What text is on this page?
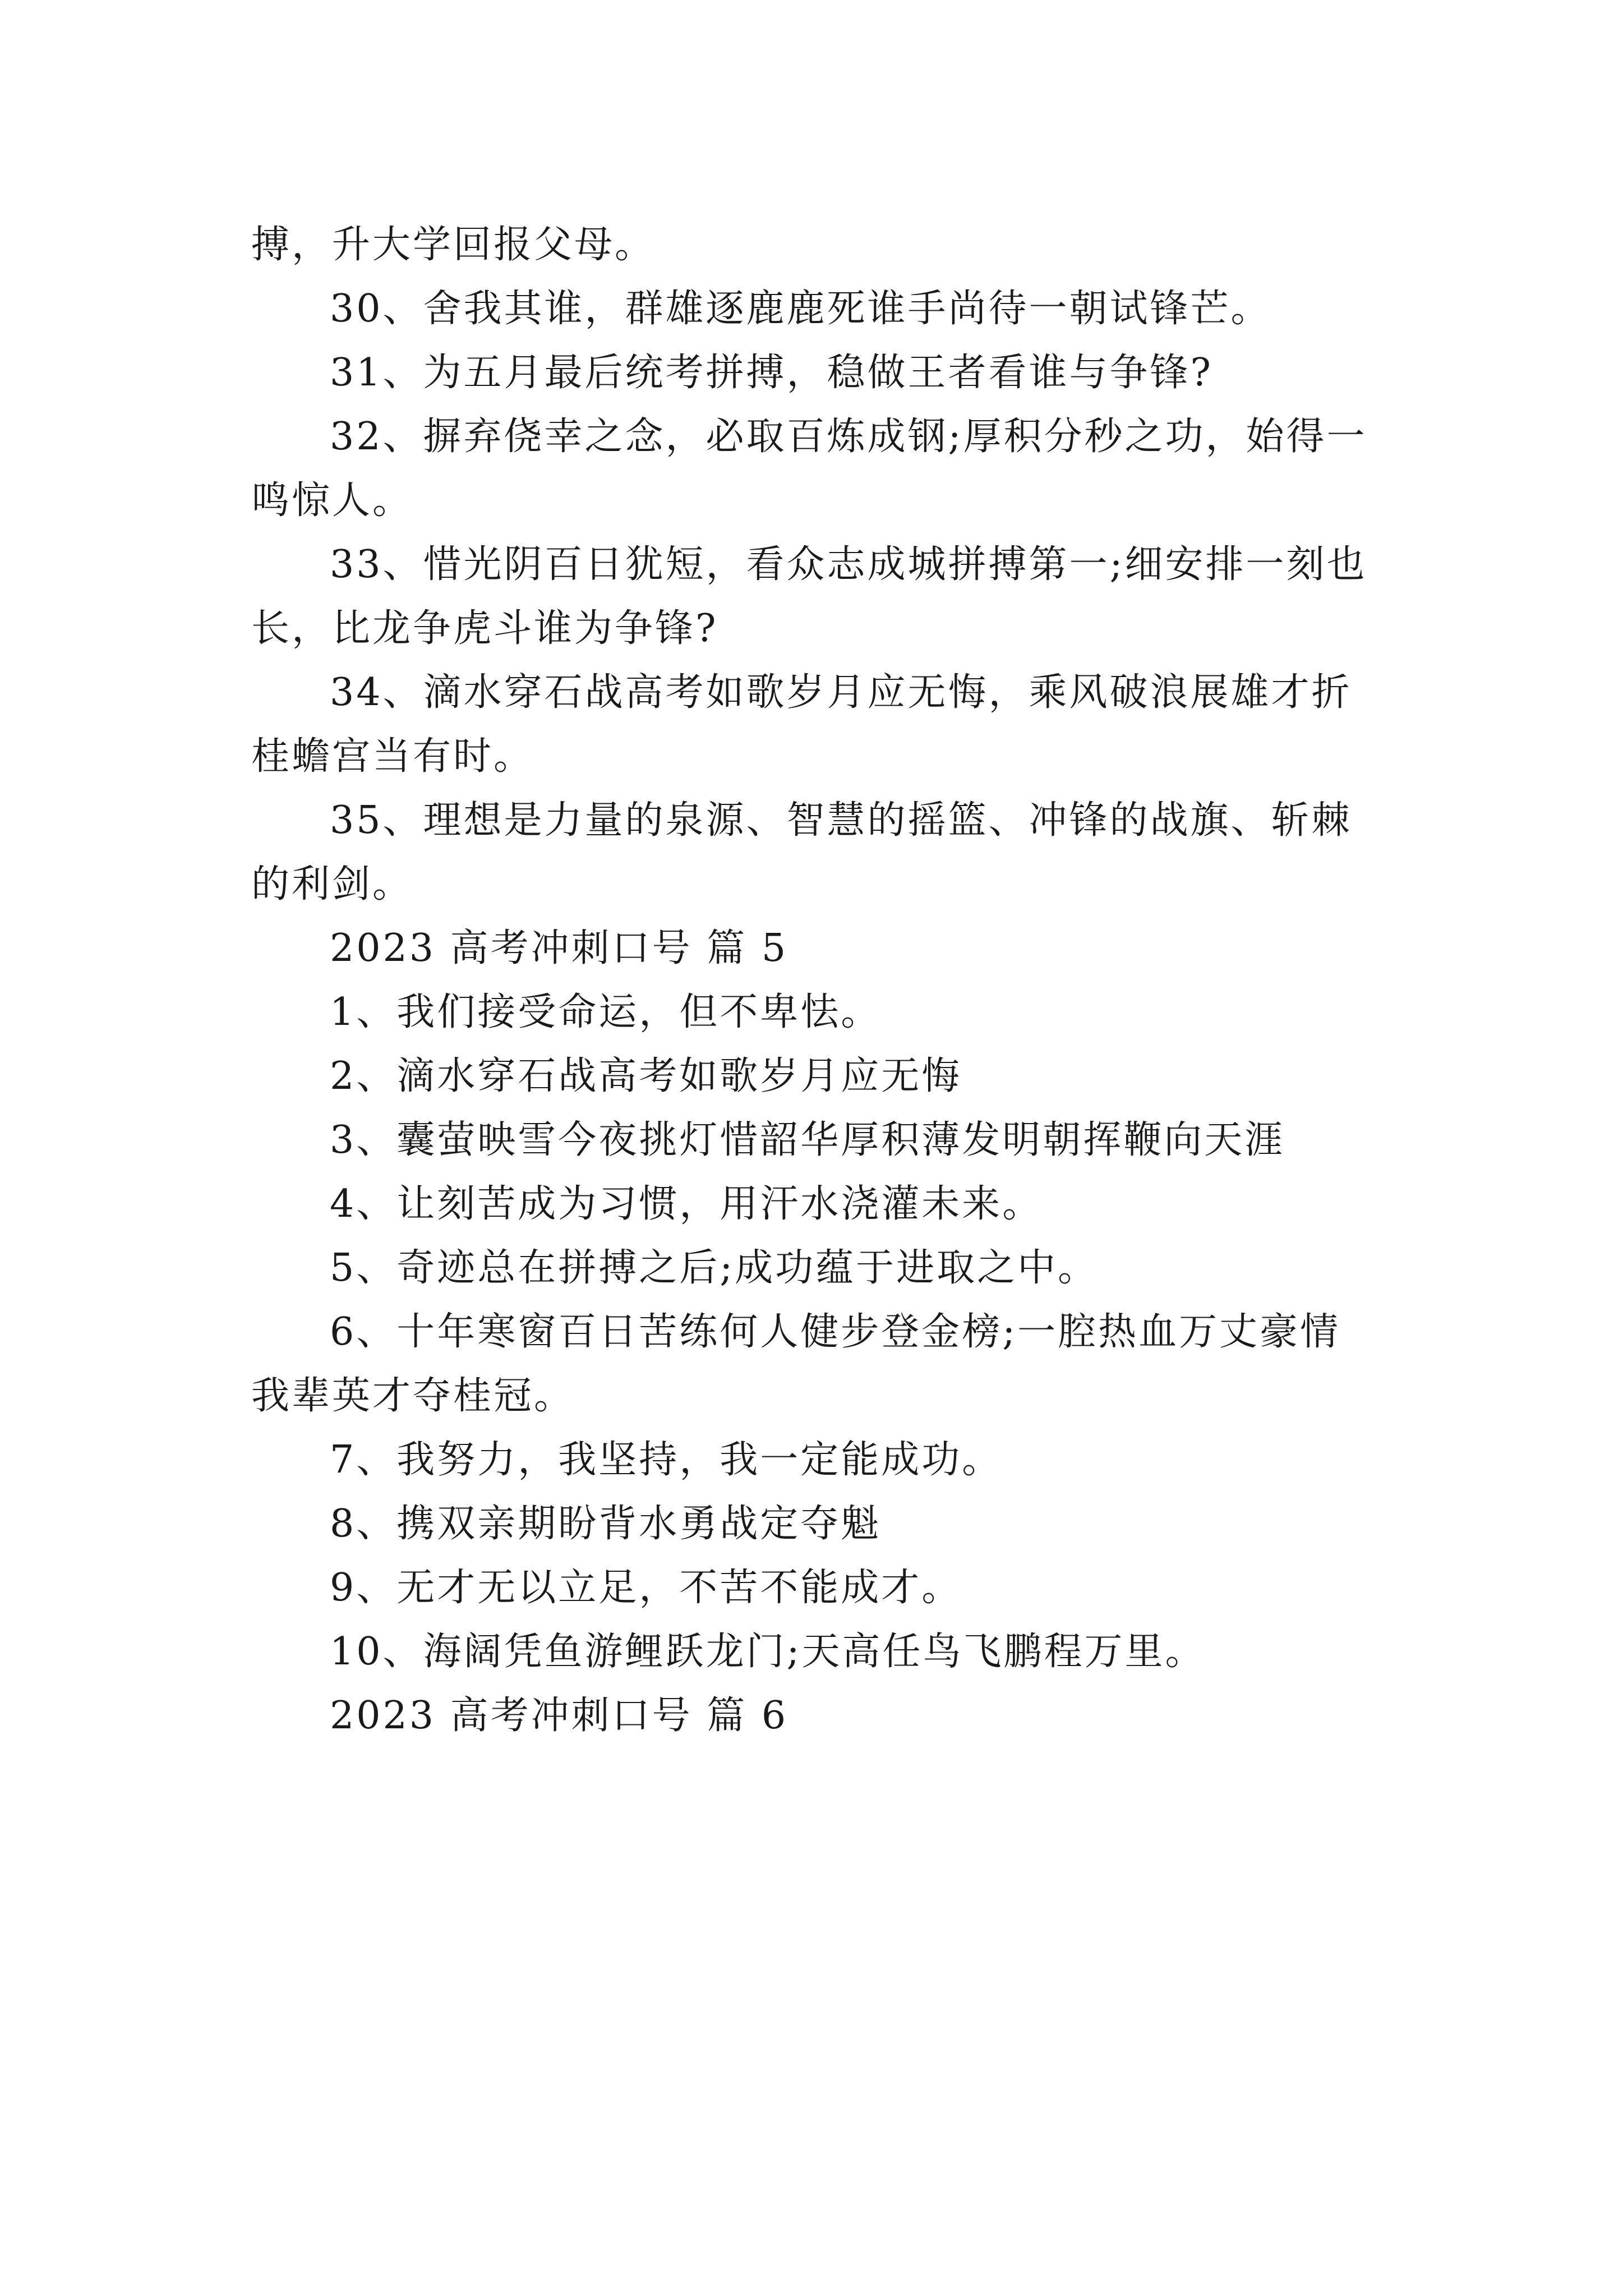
搏，升大学回报父母。

30、舍我其谁，群雄逐鹿鹿死谁手尚待一朝试锋芒。

31、为五月最后统考拼搏，稳做王者看谁与争锋?

32、摒弃侥幸之念，必取百炼成钢;厚积分秒之功，始得一鸣惊人。

33、惜光阴百日犹短，看众志成城拼搏第一;细安排一刻也长，比龙争虎斗谁为争锋?

34、滴水穿石战高考如歌岁月应无悔，乘风破浪展雄才折桂蟾宫当有时。

35、理想是力量的泉源、智慧的摇篮、冲锋的战旗、斩棘的利剑。

2023 高考冲刺口号 篇 5

1、我们接受命运，但不卑怯。

2、滴水穿石战高考如歌岁月应无悔

3、囊萤映雪今夜挑灯惜韶华厚积薄发明朝挥鞭向天涯

4、让刻苦成为习惯，用汗水浇灌未来。

5、奇迹总在拼搏之后;成功蕴于进取之中。

6、十年寒窗百日苦练何人健步登金榜;一腔热血万丈豪情我辈英才夺桂冠。

7、我努力，我坚持，我一定能成功。

8、携双亲期盼背水勇战定夺魁

9、无才无以立足，不苦不能成才。

10、海阔凭鱼游鲤跃龙门;天高任鸟飞鹏程万里。

2023 高考冲刺口号 篇 6
